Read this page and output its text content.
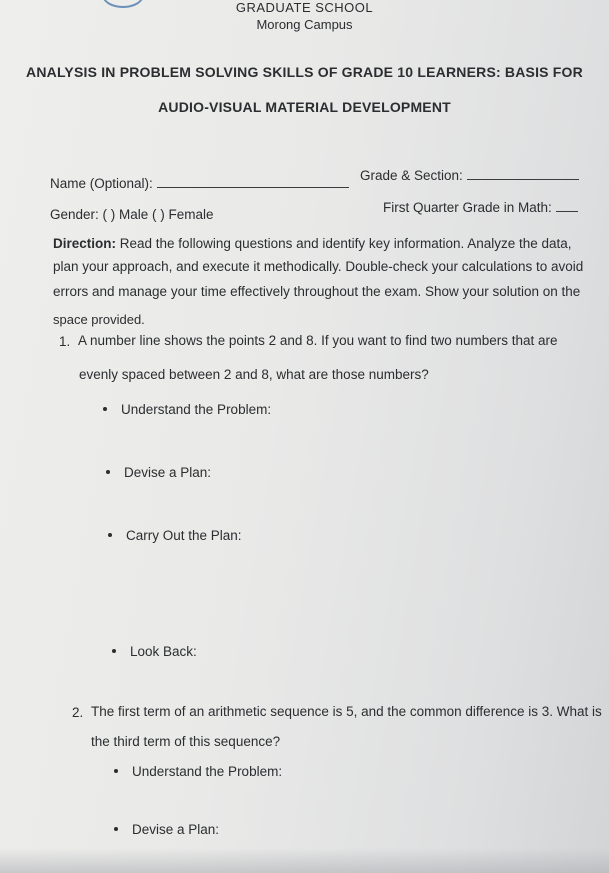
GRADUATE SCHOOL
Morong Campus
ANALYSIS IN PROBLEM SOLVING SKILLS OF GRADE 10 LEARNERS: BASIS FOR
AUDIO-VISUAL MATERIAL DEVELOPMENT
Name (Optional):
Grade & Section:
Gender: ( ) Male ( ) Female	First Quarter Grade in Math:
Direction: Read the following questions and identify key information. Analyze the data,
plan your approach, and execute it methodically. Double-check your calculations to avoid
errors and manage your time effectively throughout the exam. Show your solution on the
space provided.
1. A number line shows the points 2 and 8. If you want to find two numbers that are
evenly spaced between 2 and 8, what are those numbers?
Understand the Problem:
Devise a Plan:
Carry Out the Plan:
Look Back:
2. The first term of an arithmetic sequence is 5, and the common difference is 3. What is
the third term of this sequence?
Understand the Problem:
Devise a Plan:
